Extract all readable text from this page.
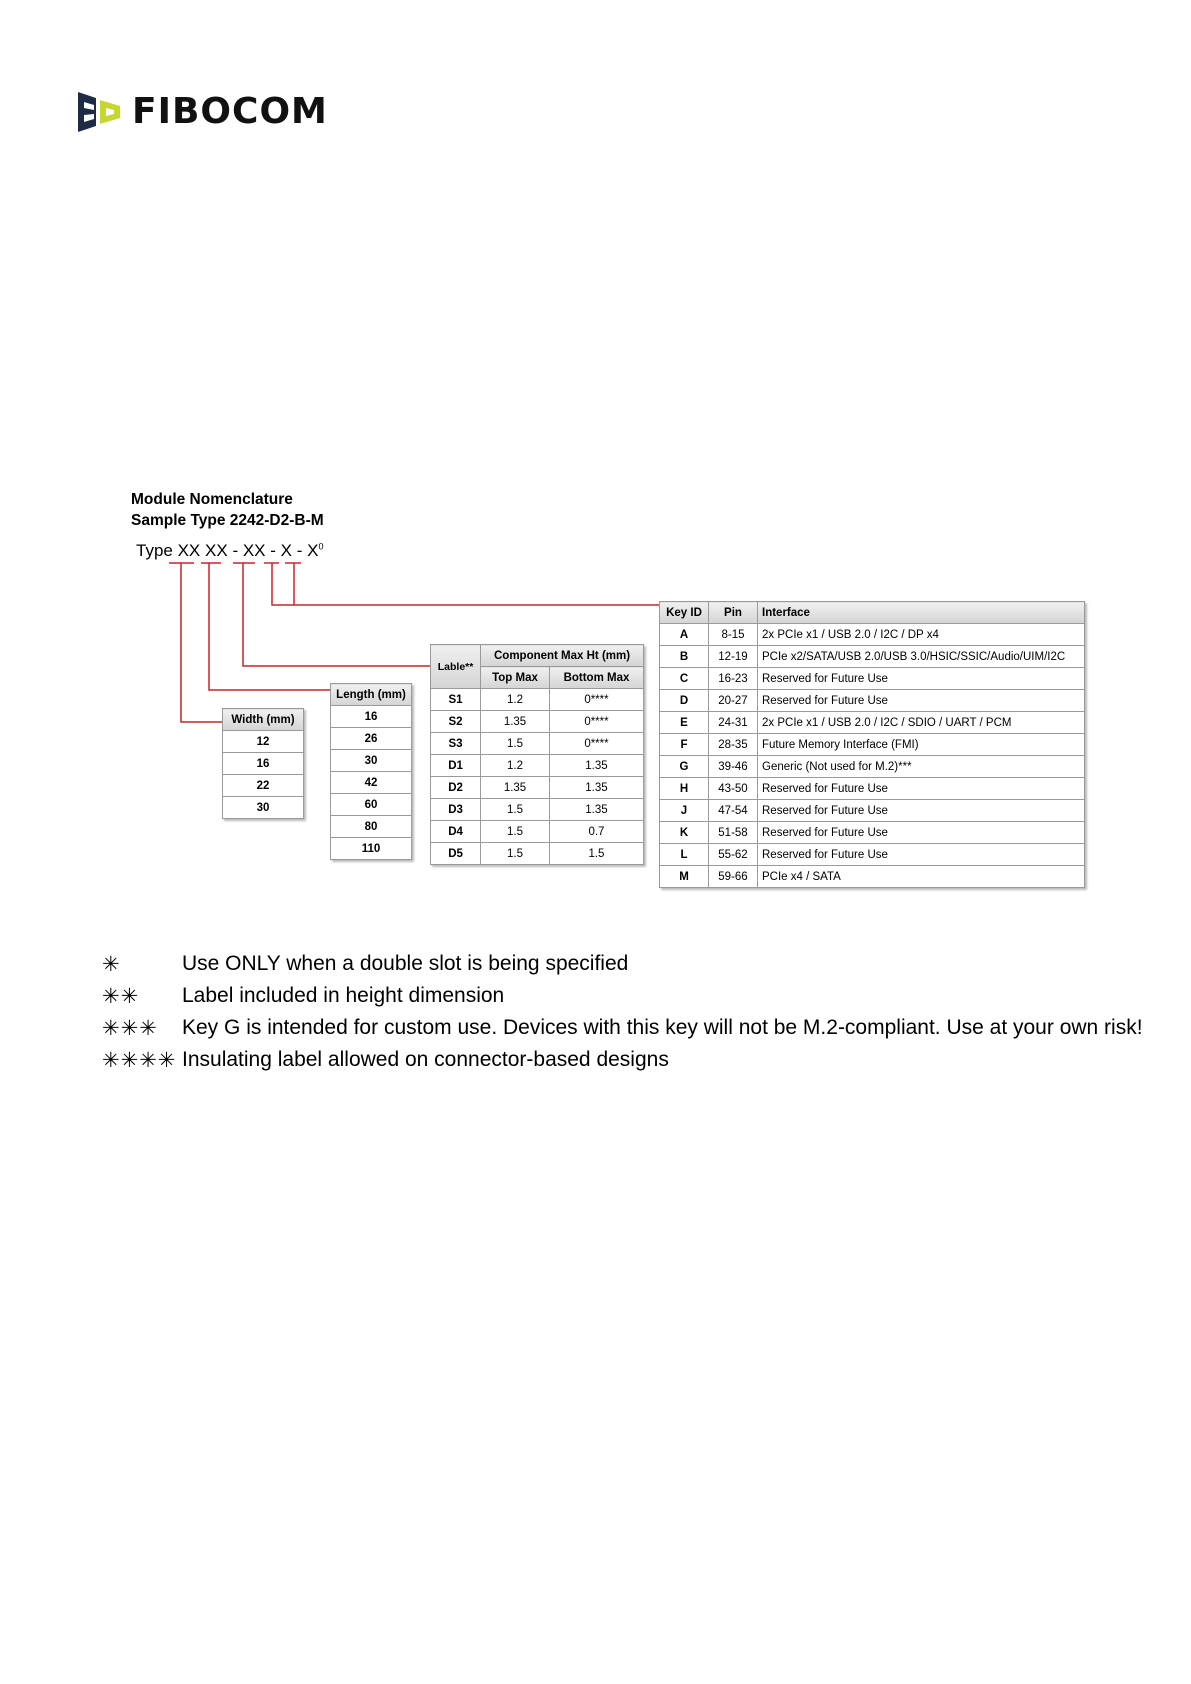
FIBOCOM
Module Nomenclature
Sample Type 2242-D2-B-M
Type XX XX - XX - X - $X^0$
Width (mm)
12
16
22
30
Length (mm)
16
26
30
42
60
80
110
Lable**	Component Max Ht (mm)	
	Top Max	Bottom Max
S1	1.2	0****
S2	1.35	0****
S3	1.5	0****
D1	1.2	1.35
D2	1.35	1.35
D3	1.5	1.35
D4	1.5	0.7
D5	1.5	1.5
Key ID	Pin	Interface
A	8-15	2x PCIe x1 / USB 2.0 / I2C / DP x4
B	12-19	PCIe x2/SATA/USB 2.0/USB 3.0/HSIC/SSIC/Audio/UIM/I2C
C	16-23	Reserved for Future Use
D	20-27	Reserved for Future Use
E	24-31	2x PCIe x1 / USB 2.0 / I2C / SDIO / UART / PCM
F	28-35	Future Memory Interface (FMI)
G	39-46	Generic (Not used for M.2)***
H	43-50	Reserved for Future Use
J	47-54	Reserved for Future Use
K	51-58	Reserved for Future Use
L	55-62	Reserved for Future Use
M	59-66	PCIe x4 / SATA
✳	Use ONLY when a double slot is being specified
✳✳	Label included in height dimension
✳✳✳	Key G is intended for custom use. Devices with this key will not be M.2-compliant. Use at your own risk!
✳✳✳✳ Insulating label allowed on connector-based designs
